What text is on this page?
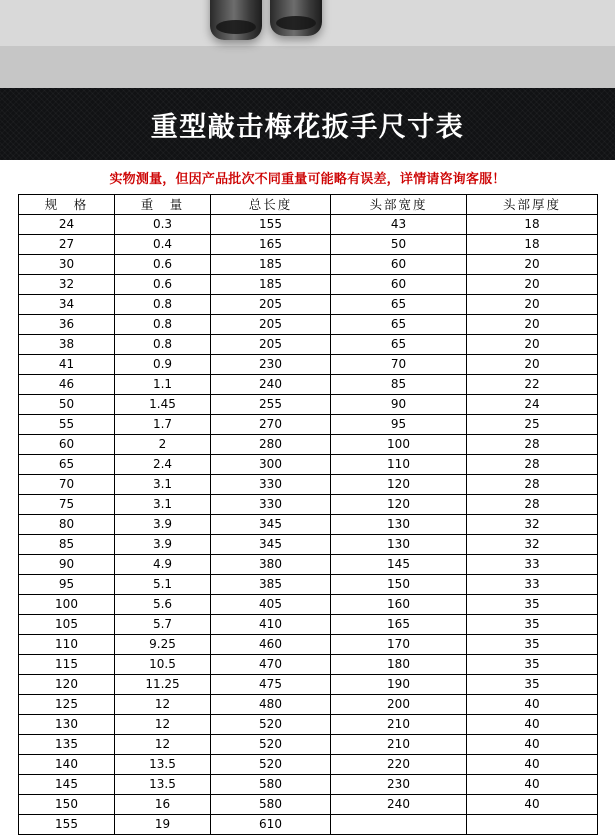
重型敲击梅花扳手尺寸表
实物测量，但因产品批次不同重量可能略有误差，详情请咨询客服！
规　格	重　量	总长度	头部宽度	头部厚度
24	0.3	155	43	18
27	0.4	165	50	18
30	0.6	185	60	20
32	0.6	185	60	20
34	0.8	205	65	20
36	0.8	205	65	20
38	0.8	205	65	20
41	0.9	230	70	20
46	1.1	240	85	22
50	1.45	255	90	24
55	1.7	270	95	25
60	2	280	100	28
65	2.4	300	110	28
70	3.1	330	120	28
75	3.1	330	120	28
80	3.9	345	130	32
85	3.9	345	130	32
90	4.9	380	145	33
95	5.1	385	150	33
100	5.6	405	160	35
105	5.7	410	165	35
110	9.25	460	170	35
115	10.5	470	180	35
120	11.25	475	190	35
125	12	480	200	40
130	12	520	210	40
135	12	520	210	40
140	13.5	520	220	40
145	13.5	580	230	40
150	16	580	240	40
155	19	610		
